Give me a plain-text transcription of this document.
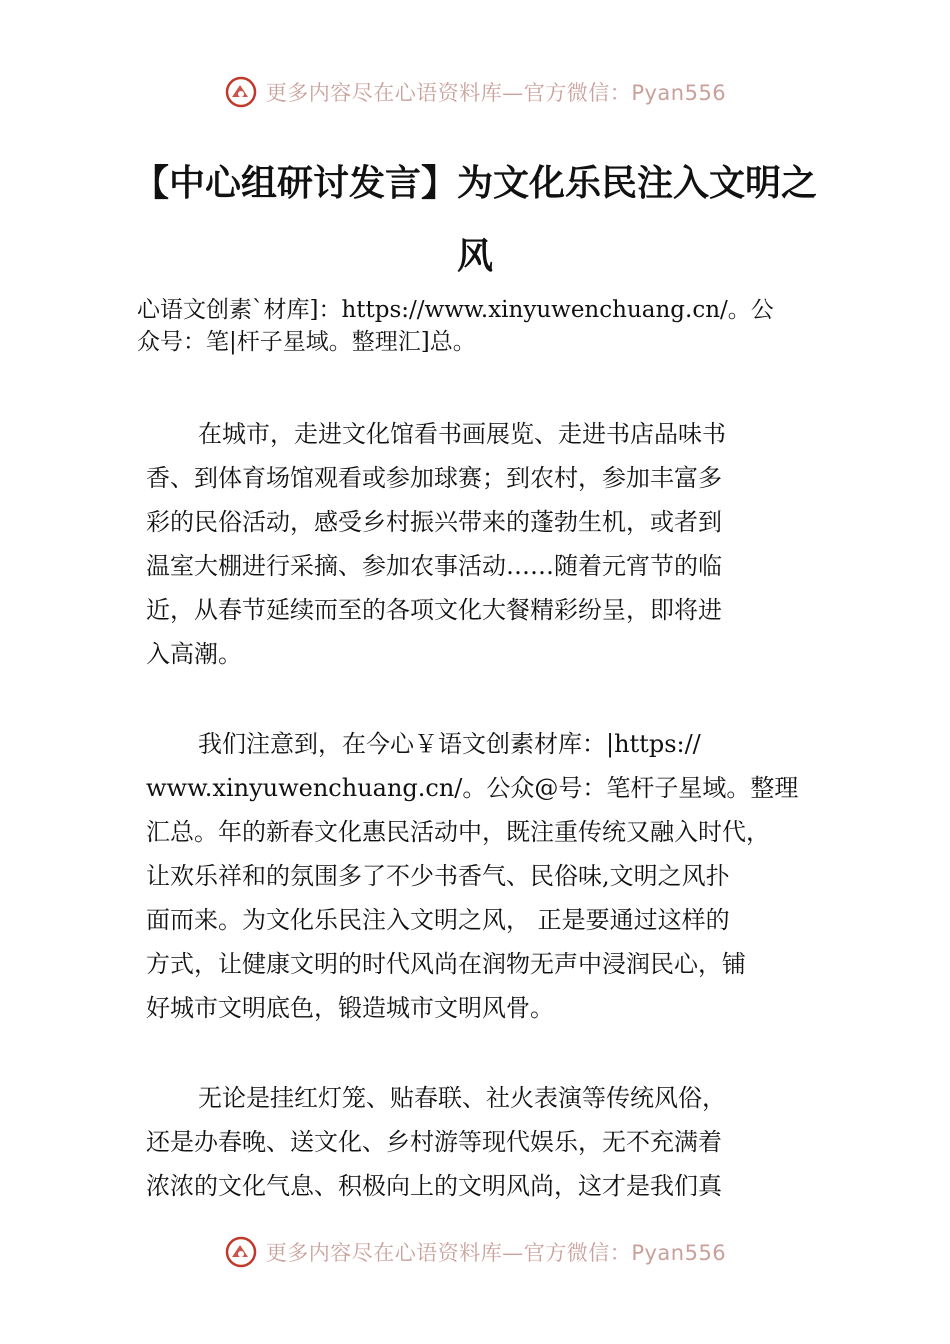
更多内容尽在心语资料库—官方微信：Pyan556
【中心组研讨发言】为文化乐民注入文明之
风
心语文创素`材库]：https://www.xinyuwenchuang.cn/。公
众号：笔|杆子星域。整理汇]总。
在城市，走进文化馆看书画展览、走进书店品味书
香、到体育场馆观看或参加球赛；到农村，参加丰富多
彩的民俗活动，感受乡村振兴带来的蓬勃生机，或者到
温室大棚进行采摘、参加农事活动……随着元宵节的临
近，从春节延续而至的各项文化大餐精彩纷呈，即将进
入高潮。
我们注意到，在今心￥语文创素材库：|https://
www.xinyuwenchuang.cn/。公众@号：笔杆子星域。整理
汇总。年的新春文化惠民活动中，既注重传统又融入时代，
让欢乐祥和的氛围多了不少书香气、民俗味,文明之风扑
面而来。为文化乐民注入文明之风， 正是要通过这样的
方式，让健康文明的时代风尚在润物无声中浸润民心，铺
好城市文明底色，锻造城市文明风骨。
无论是挂红灯笼、贴春联、社火表演等传统风俗，
还是办春晚、送文化、乡村游等现代娱乐，无不充满着
浓浓的文化气息、积极向上的文明风尚，这才是我们真
更多内容尽在心语资料库—官方微信：Pyan556
